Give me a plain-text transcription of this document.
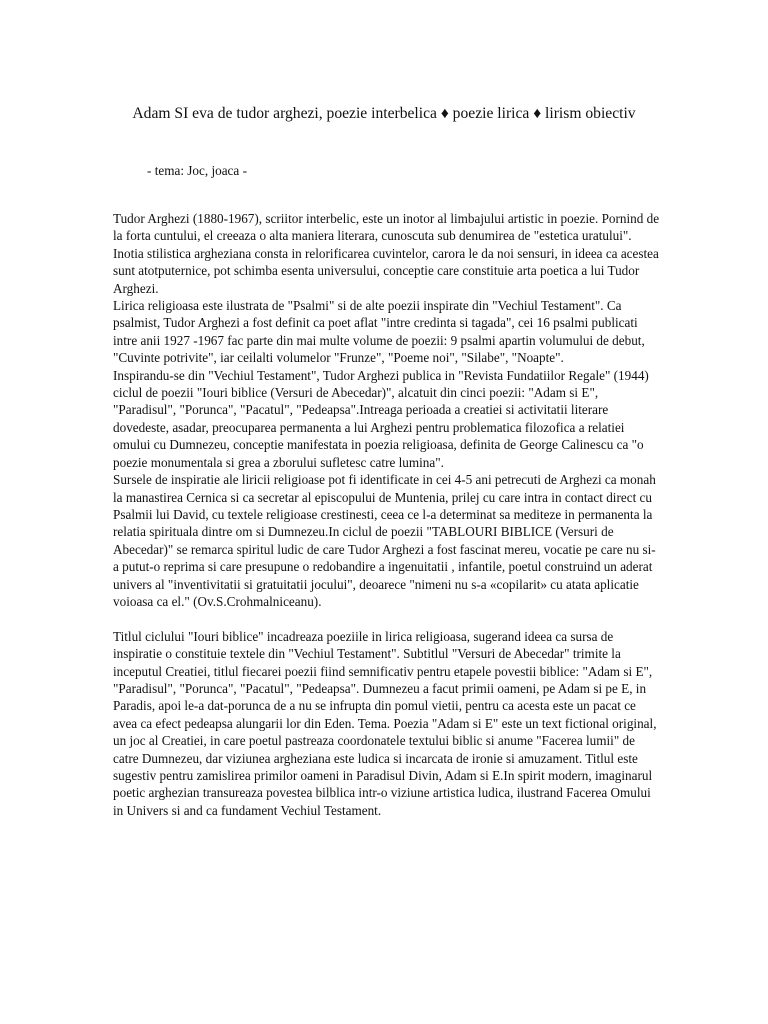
Adam SI eva de tudor arghezi, poezie interbelica ♦ poezie lirica ♦ lirism obiectiv

- tema: Joc, joaca -

Tudor Arghezi (1880-1967), scriitor interbelic, este un inotor al limbajului artistic in poezie. Pornind de la forta cuntului, el creeaza o alta maniera literara, cunoscuta sub denumirea de "estetica uratului". Inotia stilistica argheziana consta in relorificarea cuvintelor, carora le da noi sensuri, in ideea ca acestea sunt atotputernice, pot schimba esenta universului, conceptie care constituie arta poetica a lui Tudor Arghezi.

Lirica religioasa este ilustrata de "Psalmi" si de alte poezii inspirate din "Vechiul Testament". Ca psalmist, Tudor Arghezi a fost definit ca poet aflat "intre credinta si tagada", cei 16 psalmi publicati intre anii 1927 -1967 fac parte din mai multe volume de poezii: 9 psalmi apartin volumului de debut, "Cuvinte potrivite", iar ceilalti volumelor "Frunze", "Poeme noi", "Silabe", "Noapte".

Inspirandu-se din "Vechiul Testament", Tudor Arghezi publica in "Revista Fundatiilor Regale" (1944) ciclul de poezii "Iouri biblice (Versuri de Abecedar)", alcatuit din cinci poezii: "Adam si E", "Paradisul", "Porunca", "Pacatul", "Pedeapsa".Intreaga perioada a creatiei si activitatii literare dovedeste, asadar, preocuparea permanenta a lui Arghezi pentru problematica filozofica a relatiei omului cu Dumnezeu, conceptie manifestata in poezia religioasa, definita de George Calinescu ca "o poezie monumentala si grea a zborului sufletesc catre lumina".

Sursele de inspiratie ale liricii religioase pot fi identificate in cei 4-5 ani petrecuti de Arghezi ca monah la manastirea Cernica si ca secretar al episcopului de Muntenia, prilej cu care intra in contact direct cu Psalmii lui David, cu textele religioase crestinesti, ceea ce l-a determinat sa mediteze in permanenta la relatia spirituala dintre om si Dumnezeu.In ciclul de poezii "TABLOURI BIBLICE (Versuri de Abecedar)" se remarca spiritul ludic de care Tudor Arghezi a fost fascinat mereu, vocatie pe care nu si-a putut-o reprima si care presupune o redobandire a ingenuitatii , infantile, poetul construind un aderat univers al "inventivitatii si gratuitatii jocului", deoarece "nimeni nu s-a «copilarit» cu atata aplicatie voioasa ca el." (Ov.S.Crohmalniceanu).

Titlul ciclului "Iouri biblice" incadreaza poeziile in lirica religioasa, sugerand ideea ca sursa de inspiratie o constituie textele din "Vechiul Testament". Subtitlul "Versuri de Abecedar" trimite la inceputul Creatiei, titlul fiecarei poezii fiind semnificativ pentru etapele povestii biblice: "Adam si E", "Paradisul", "Porunca", "Pacatul", "Pedeapsa". Dumnezeu a facut primii oameni, pe Adam si pe E, in Paradis, apoi le-a dat-porunca de a nu se infrupta din pomul vietii, pentru ca acesta este un pacat ce avea ca efect pedeapsa alungarii lor din Eden. Tema. Poezia "Adam si E" este un text fictional original, un joc al Creatiei, in care poetul pastreaza coordonatele textului biblic si anume "Facerea lumii" de catre Dumnezeu, dar viziunea argheziana este ludica si incarcata de ironie si amuzament. Titlul este sugestiv pentru zamislirea primilor oameni in Paradisul Divin, Adam si E.In spirit modern, imaginarul poetic arghezian transureaza povestea bilblica intr-o viziune artistica ludica, ilustrand Facerea Omului in Univers si and ca fundament Vechiul Testament.
